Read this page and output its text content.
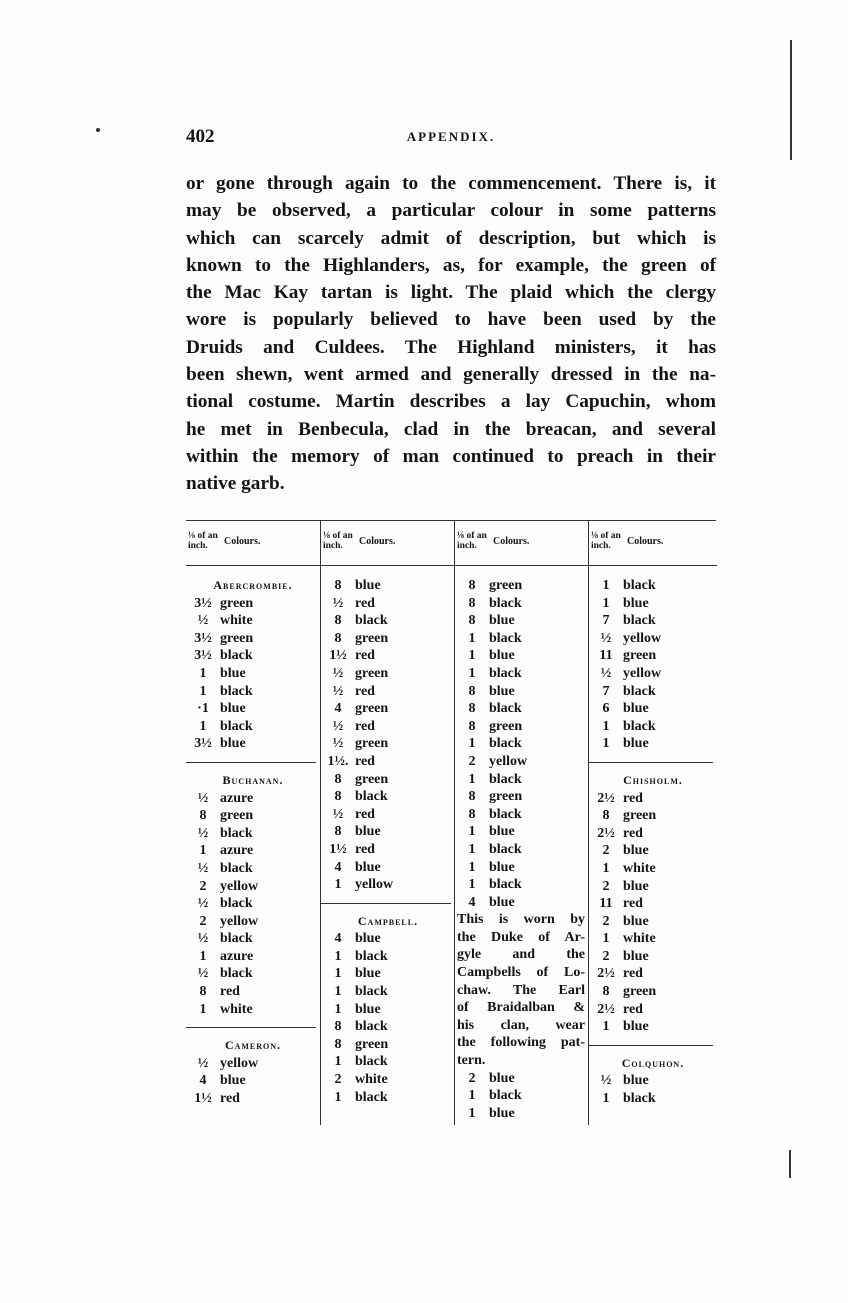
402	APPENDIX.
or gone through again to the commencement. There is, it
may be observed, a particular colour in some patterns
which can scarcely admit of description, but which is
known to the Highlanders, as, for example, the green of
the Mac Kay tartan is light. The plaid which the clergy
wore is popularly believed to have been used by the
Druids and Culdees. The Highland ministers, it has
been shewn, went armed and generally dressed in the na-
tional costume. Martin describes a lay Capuchin, whom
he met in Benbecula, clad in the breacan, and several
within the memory of man continued to preach in their
native garb.
⅛ of an
inch.	Colours.
Abercrombie.
3½ green
½ white
3½ green
3½ black
1 blue
1 black
·1 blue
1 black
3½ blue
Buchanan.
½ azure
8 green
½ black
1 azure
½ black
2 yellow
½ black
2 yellow
½ black
1 azure
½ black
8 red
1 white
Cameron.
½ yellow
4 blue
1½ red
⅛ of an
inch.	Colours.
8 blue
½ red
8 black
8 green
1½ red
½ green
½ red
4 green
½ red
½ green
1½. red
8 green
8 black
½ red
8 blue
1½ red
4 blue
1 yellow
Campbell.
4 blue
1 black
1 blue
1 black
1 blue
8 black
8 green
1 black
2 white
1 black
⅛ of an
inch.	Colours.
8 green
8 black
8 blue
1 black
1 blue
1 black
8 blue
8 black
8 green
1 black
2 yellow
1 black
8 green
8 black
1 blue
1 black
1 blue
1 black
4 blue
This is worn by
the Duke of Ar-
gyle and the
Campbells of Lo-
chaw. The Earl
of Braidalban &
his clan, wear
the following pat-
tern.
2 blue
1 black
1 blue
⅛ of an
inch.	Colours.
1 black
1 blue
7 black
½ yellow
11 green
½ yellow
7 black
6 blue
1 black
1 blue
Chisholm.
2½ red
8 green
2½ red
2 blue
1 white
2 blue
11 red
2 blue
1 white
2 blue
2½ red
8 green
2½ red
1 blue
Colquhon.
½ blue
1 black
